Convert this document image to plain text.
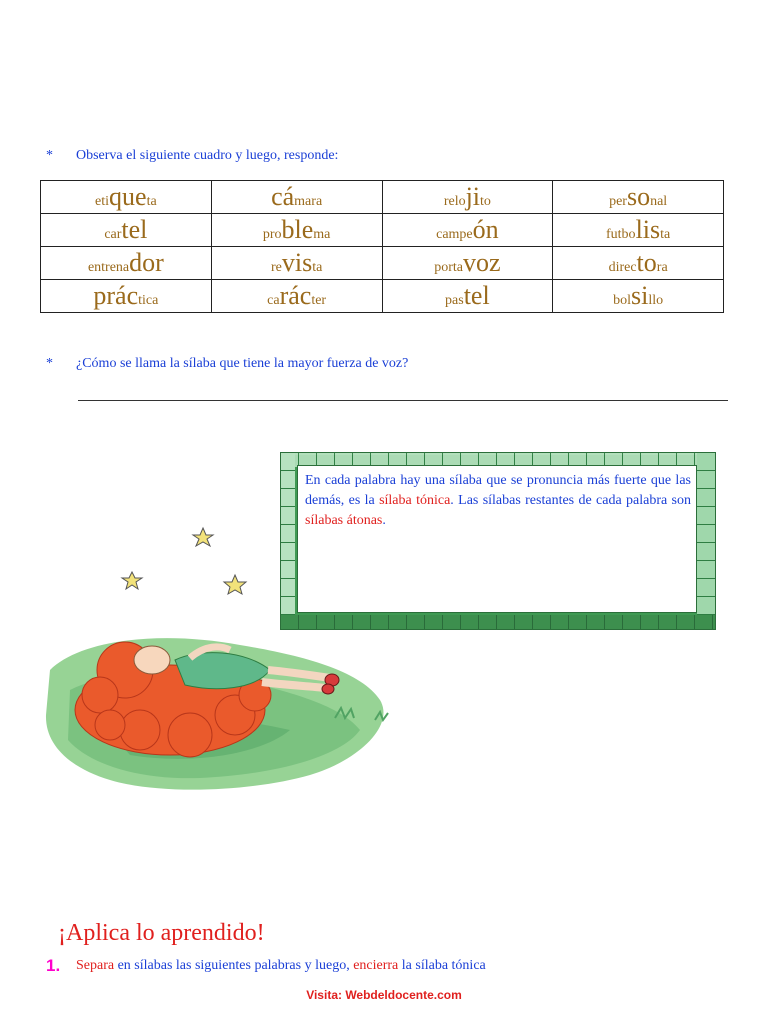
* Observa el siguiente cuadro y luego, responde:
etiqueta	cámara	relojito	personal
cartel	problema	campeón	futbolista
entrenador	revista	portavoz	directora
práctica	carácter	pastel	bolsillo
* ¿Cómo se llama la sílaba que tiene la mayor fuerza de voz?
En cada palabra hay una sílaba que se pronuncia más fuerte que las demás, es la sílaba tónica. Las sílabas restantes de cada palabra son sílabas átonas.
¡Aplica lo aprendido!
1. Separa en sílabas las siguientes palabras y luego, encierra la sílaba tónica
Visita: Webdeldocente.com
